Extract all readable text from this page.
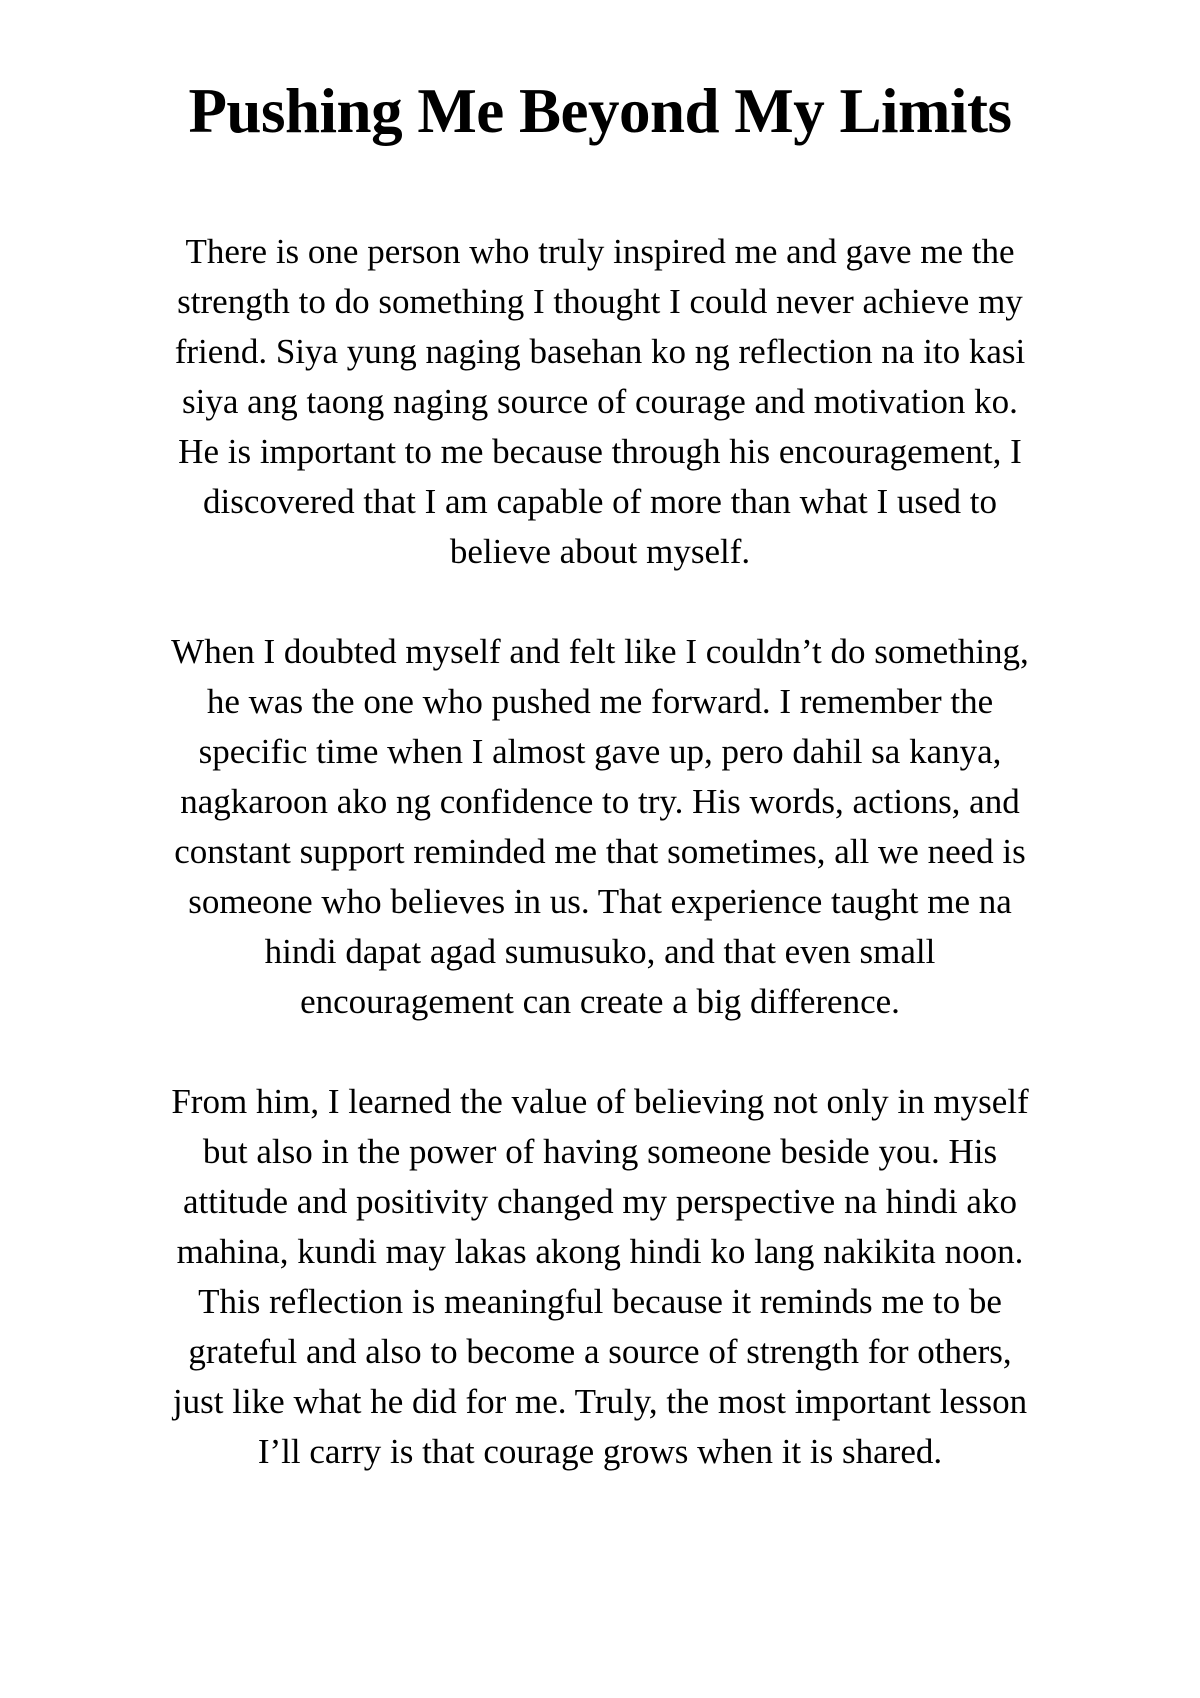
Pushing Me Beyond My Limits

There is one person who truly inspired me and gave me the strength to do something I thought I could never achieve my friend. Siya yung naging basehan ko ng reflection na ito kasi siya ang taong naging source of courage and motivation ko. He is important to me because through his encouragement, I discovered that I am capable of more than what I used to believe about myself.

When I doubted myself and felt like I couldn’t do something, he was the one who pushed me forward. I remember the specific time when I almost gave up, pero dahil sa kanya, nagkaroon ako ng confidence to try. His words, actions, and constant support reminded me that sometimes, all we need is someone who believes in us. That experience taught me na hindi dapat agad sumusuko, and that even small encouragement can create a big difference.

From him, I learned the value of believing not only in myself but also in the power of having someone beside you. His attitude and positivity changed my perspective na hindi ako mahina, kundi may lakas akong hindi ko lang nakikita noon. This reflection is meaningful because it reminds me to be grateful and also to become a source of strength for others, just like what he did for me. Truly, the most important lesson I’ll carry is that courage grows when it is shared.
